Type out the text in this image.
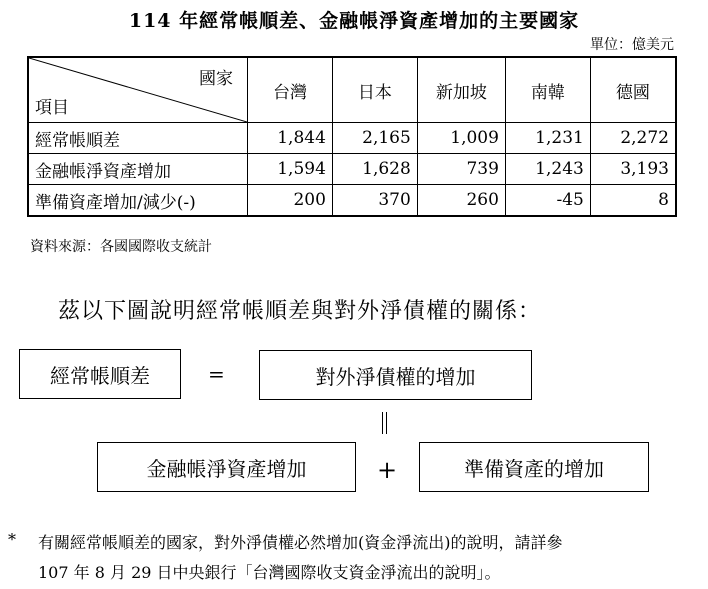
114 年經常帳順差、金融帳淨資產增加的主要國家
單位：億美元
國家
項目	台灣	日本	新加坡	南韓	德國
經常帳順差	1,844	2,165	1,009	1,231	2,272
金融帳淨資產增加	1,594	1,628	739	1,243	3,193
準備資產增加/減少(-)	200	370	260	-45	8
資料來源：各國國際收支統計
茲以下圖說明經常帳順差與對外淨債權的關係：
經常帳順差	=	對外淨債權的增加
金融帳淨資產增加	+	準備資產的增加
* 有關經常帳順差的國家，對外淨債權必然增加(資金淨流出)的說明，請詳參
107 年 8 月 29 日中央銀行「台灣國際收支資金淨流出的說明」。
